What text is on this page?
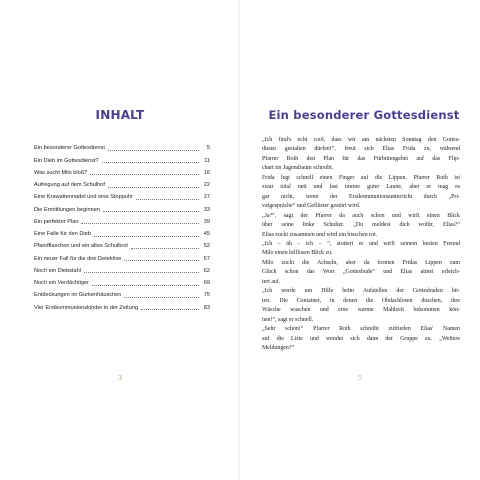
INHALT
Ein besonderer Gottesdienst	5
Ein Dieb im Gottesdienst?	11
Was sucht Milo bloß?	16
Aufregung auf dem Schulhof	22
Eine Krawattennadel und eine Stoppuhr	27
Die Ermittlungen beginnen	33
Ein perfekter Plan	39
Eine Falle für den Dieb	45
Pfandflaschen und ein altes Schulbrot	52
Ein neuer Fall für die drei Detektive	57
Noch ein Diebstahl	62
Noch ein Verdächtiger	69
Entdeckungen im Gurkenhäuschen	75
Vier Erstkommunionskinder in der Zeitung	83
3
Ein besonderer Gottesdienst
„Ich find's echt cool, dass wir am nächsten Sonntag den Gottes-
dienst gestalten dürfen!“, freut sich Elias Frida zu, während
Pfarrer Roth den Plan für das Fürbittengebet auf das Flip-
chart im Jugendraum schreibt.
Frida legt schnell einen Finger auf die Lippen. Pfarrer Roth ist
zwar total nett und fast immer guter Laune, aber er mag es
gar nicht, wenn der Erstkommunionsunterricht durch „Pri-
vatgespräche“ und Geflüster gestört wird.
„Ja?“, sagt der Pfarrer da auch schon und wirft einen Blick
über seine linke Schulter. „Du meldest dich wofür, Elias?“
Elias zuckt zusammen und wird ein bisschen rot.
„Ich – äh – ich – “, stottert er und wirft seinem besten Freund
Milo einen hilflosen Blick zu.
Milo zuckt die Achseln, aber da formen Fridas Lippen zum
Glück schon das Wort „Gottesbude“ und Elias atmet erleich-
tert auf.
„Ich werde um Hilfe beim Aufstellen der Gottesbuden bit-
ten. Die Container, in denen die Obdachlosen duschen, ihre
Wäsche waschen und eine warme Mahlzeit bekommen kön-
nen!“, sagt er schnell.
„Sehr schön!“ Pfarrer Roth schreibt zufrieden Elias' Namen
auf die Liste und wendet sich dann der Gruppe zu. „Weitere
Meldungen?“
5
